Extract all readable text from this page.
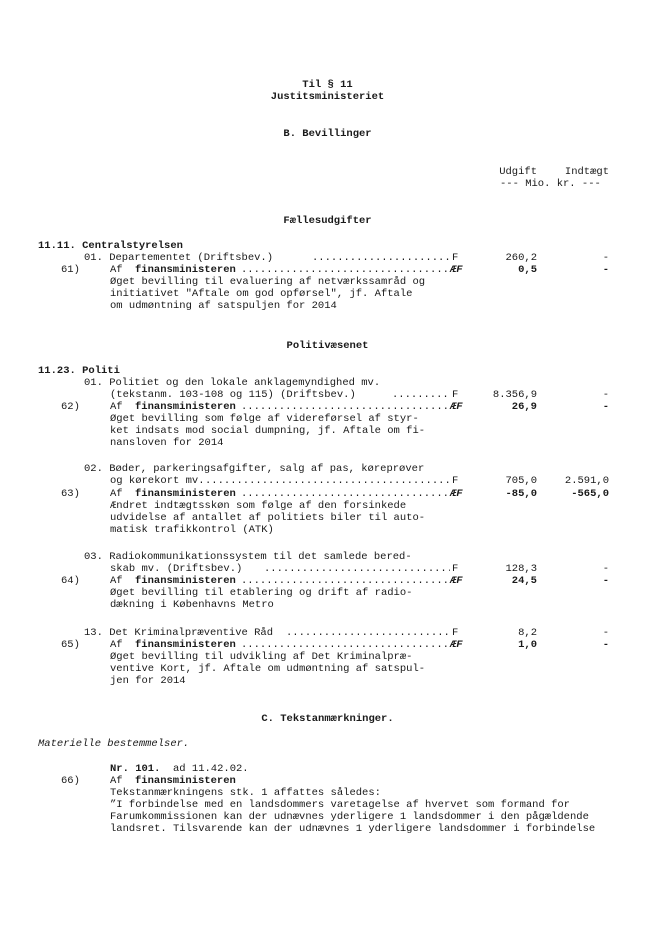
Til § 11
Justitsministeriet
B. Bevillinger
Udgift	Indtægt
--- Mio. kr. ---
Fællesudgifter
11.11. Centralstyrelsen
01. Departementet (Driftsbev.) .....	F	260,2	-
61)	Af finansministeren .....	ÆF	0,5	-
Øget bevilling til evaluering af netværkssamråd og
initiativet "Aftale om god opførsel", jf. Aftale
om udmøntning af satspuljen for 2014
Politivæsenet
11.23. Politi
01. Politiet og den lokale anklagemyndighed mv.
(tekstanm. 103-108 og 115) (Driftsbev.) .....	F	8.356,9	-
62)	Af finansministeren .....	ÆF	26,9	-
Øget bevilling som følge af videreførsel af styr-
ket indsats mod social dumpning, jf. Aftale om fi-
nansloven for 2014
02. Bøder, parkeringsafgifter, salg af pas, køreprøver
og kørekort mv. .....	F	705,0	2.591,0
63)	Af finansministeren .....	ÆF	-85,0	-565,0
Ændret indtægtsskøn som følge af den forsinkede
udvidelse af antallet af politiets biler til auto-
matisk trafikkontrol (ATK)
03. Radiokommunikationssystem til det samlede bered-
skab mv. (Driftsbev.) .....	F	128,3	-
64)	Af finansministeren .....	ÆF	24,5	-
Øget bevilling til etablering og drift af radio-
dækning i Københavns Metro
13. Det Kriminalpræventive Råd .....	F	8,2	-
65)	Af finansministeren .....	ÆF	1,0	-
Øget bevilling til udvikling af Det Kriminalpræ-
ventive Kort, jf. Aftale om udmøntning af satspul-
jen for 2014
C. Tekstanmærkninger.
Materielle bestemmelser.
Nr. 101. ad 11.42.02.
66)	Af finansministeren
Tekstanmærkningens stk. 1 affattes således:
”I forbindelse med en landsdommers varetagelse af hvervet som formand for
Farumkommissionen kan der udnævnes yderligere 1 landsdommer i den pågældende
landsret. Tilsvarende kan der udnævnes 1 yderligere landsdommer i forbindelse
